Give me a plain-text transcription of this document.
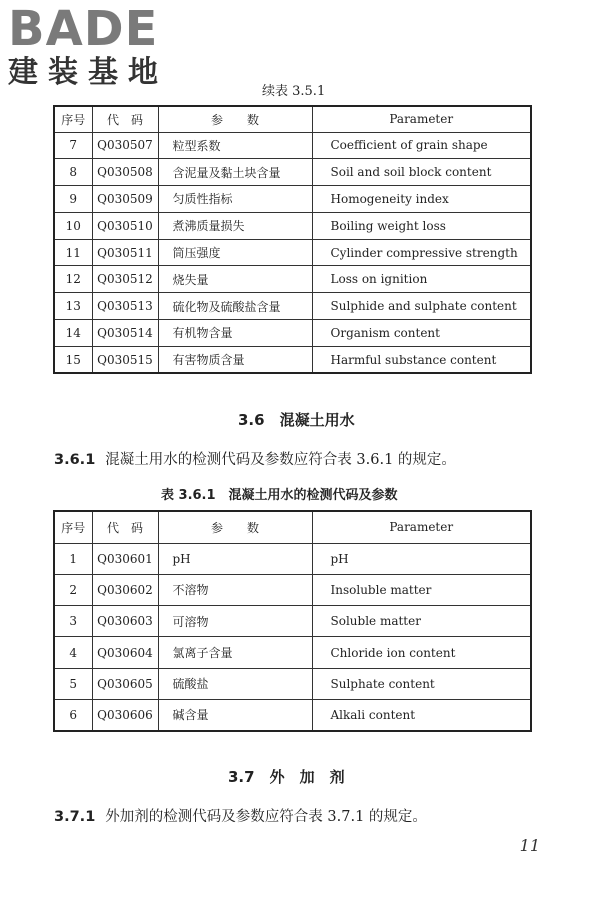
BADE
建装基地
续表 3.5.1
序号	代　码	参　　数	Parameter
7	Q030507	粒型系数	Coefficient of grain shape
8	Q030508	含泥量及黏土块含量	Soil and soil block content
9	Q030509	匀质性指标	Homogeneity index
10	Q030510	煮沸质量损失	Boiling weight loss
11	Q030511	筒压强度	Cylinder compressive strength
12	Q030512	烧失量	Loss on ignition
13	Q030513	硫化物及硫酸盐含量	Sulphide and sulphate content
14	Q030514	有机物含量	Organism content
15	Q030515	有害物质含量	Harmful substance content
3.6　混凝土用水
3.6.1 混凝土用水的检测代码及参数应符合表 3.6.1 的规定。
表 3.6.1　混凝土用水的检测代码及参数
序号	代　码	参　　数	Parameter
1	Q030601	pH	pH
2	Q030602	不溶物	Insoluble matter
3	Q030603	可溶物	Soluble matter
4	Q030604	氯离子含量	Chloride ion content
5	Q030605	硫酸盐	Sulphate content
6	Q030606	碱含量	Alkali content
3.7　外　加　剂
3.7.1 外加剂的检测代码及参数应符合表 3.7.1 的规定。
11
